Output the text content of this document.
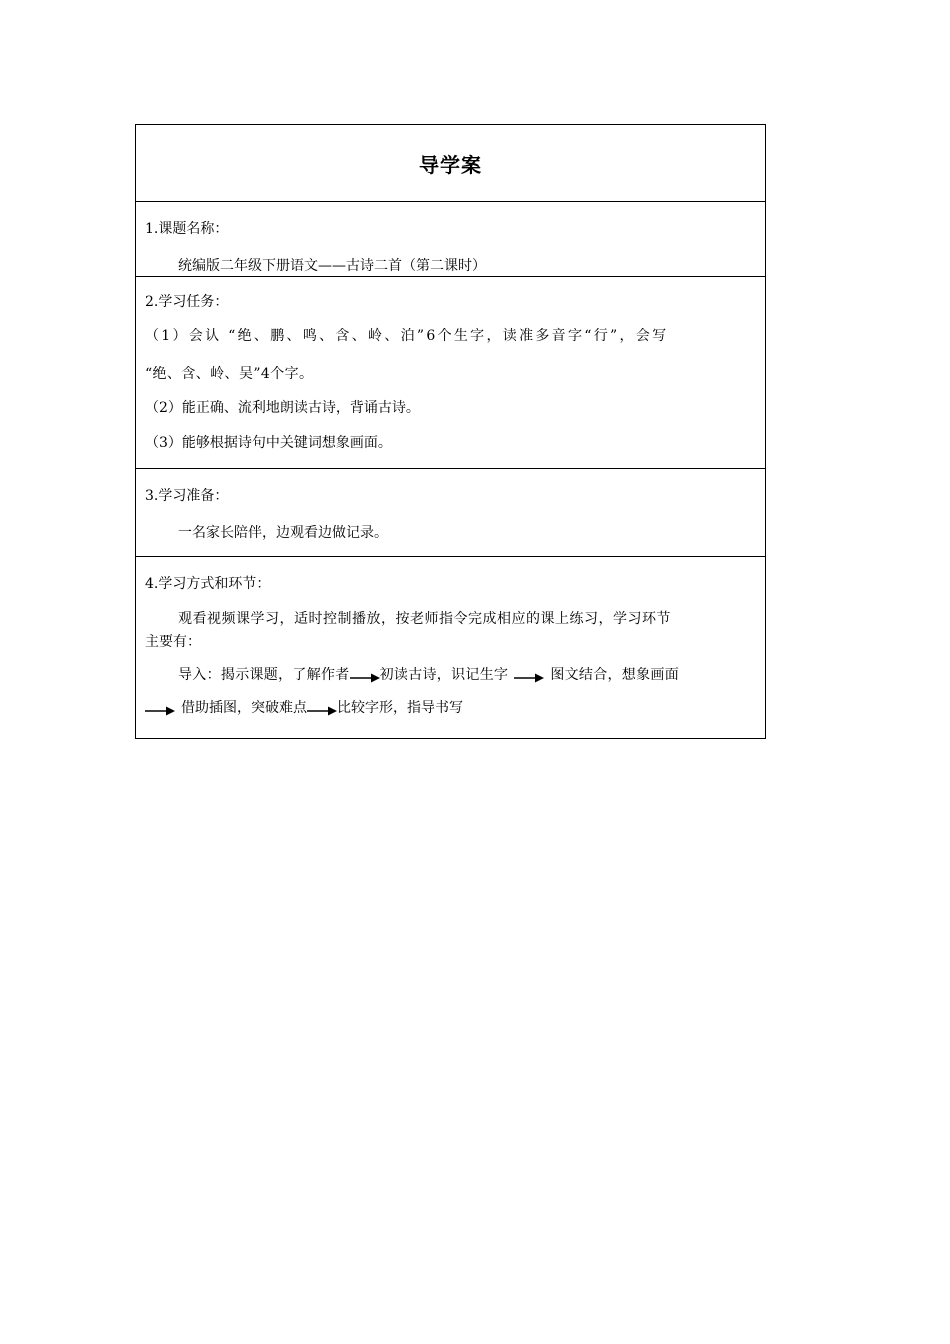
导学案
1.课题名称：
统编版二年级下册语文——古诗二首（第二课时）
2.学习任务：
（1）会认 “绝、鹏、鸣、含、岭、泊”6个生字，读准多音字“行”，会写
“绝、含、岭、吴”4个字。
（2）能正确、流利地朗读古诗，背诵古诗。
（3）能够根据诗句中关键词想象画面。
3.学习准备：
一名家长陪伴，边观看边做记录。
4.学习方式和环节：
观看视频课学习，适时控制播放，按老师指令完成相应的课上练习，学习环节
主要有：
导入：揭示课题，了解作者 初读古诗，识记生字	图文结合，想象画面
借助插图，突破难点 比较字形，指导书写
